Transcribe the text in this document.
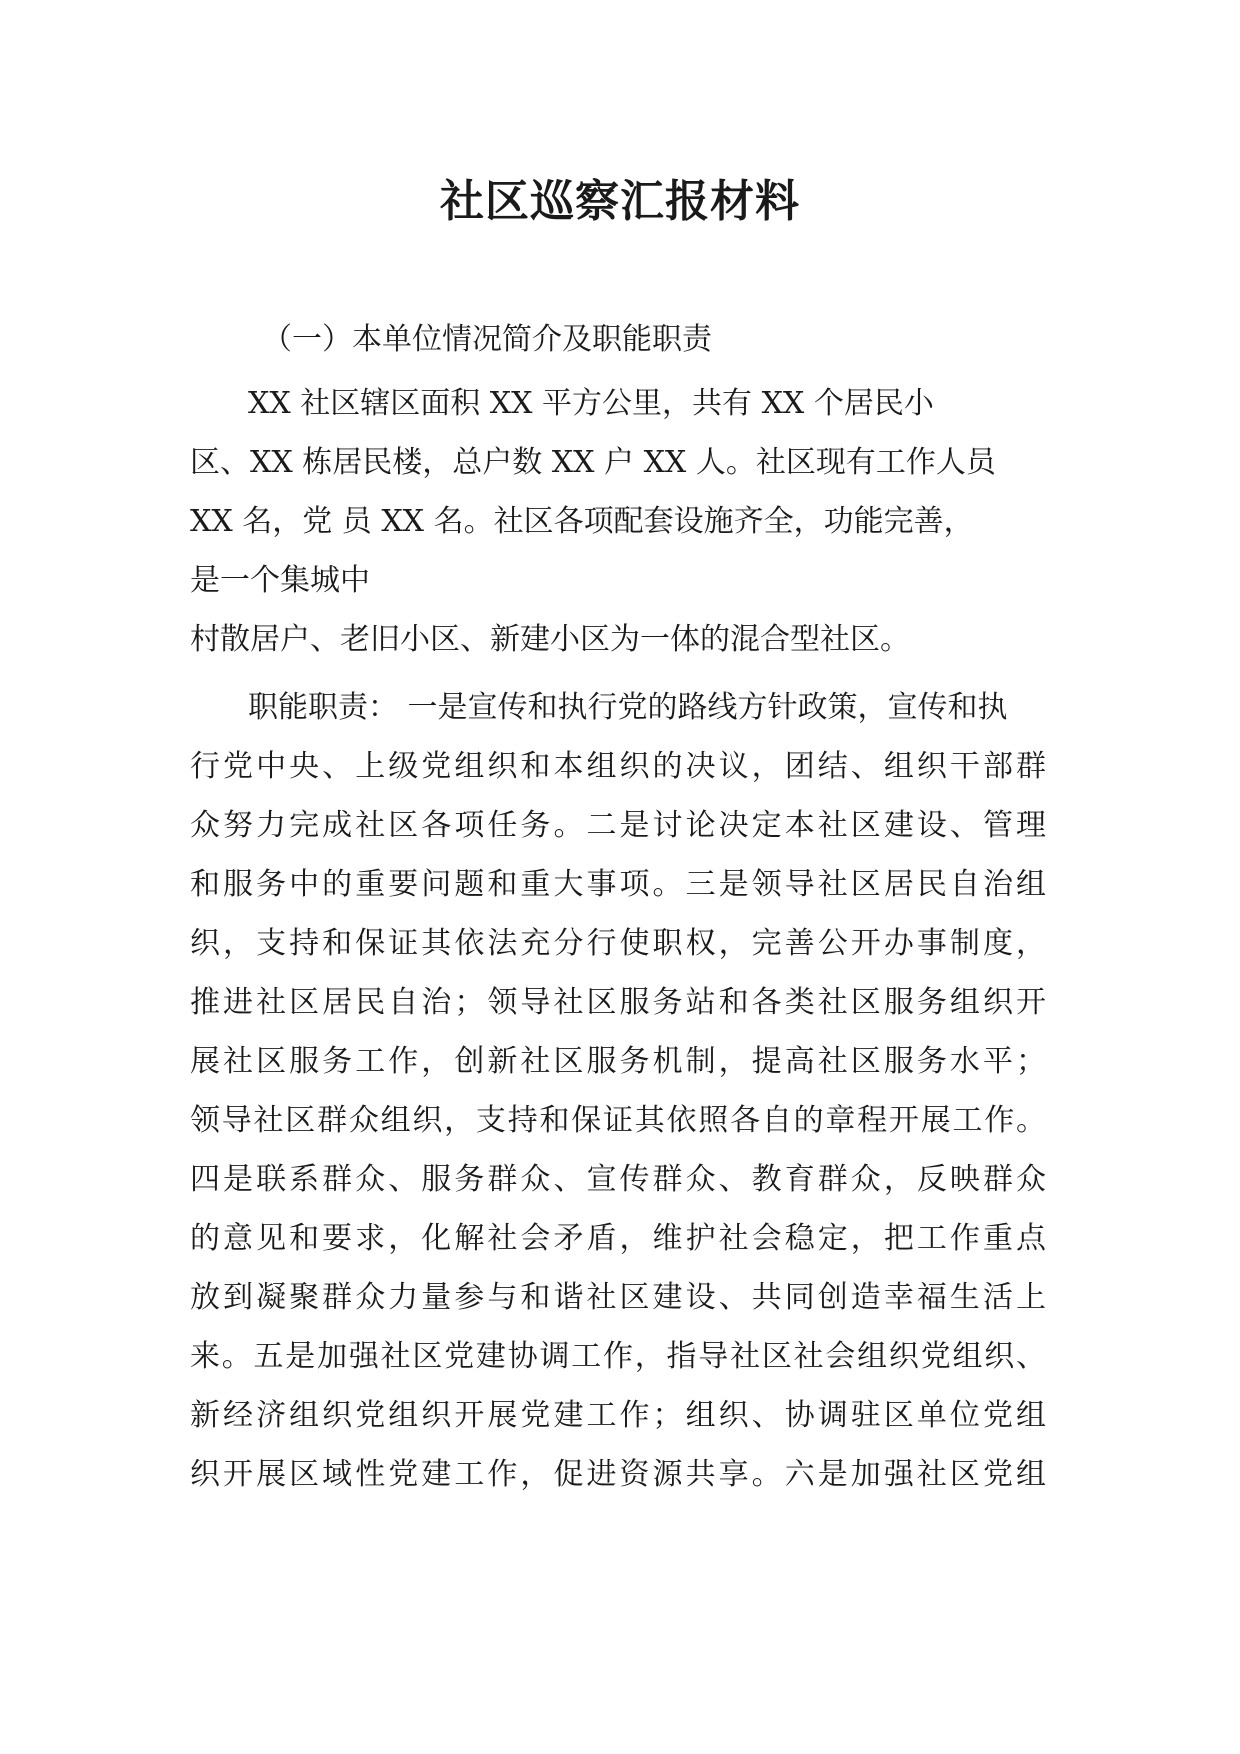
社区巡察汇报材料
（一）本单位情况简介及职能职责
XX 社区辖区面积 XX 平方公里，共有 XX 个居民小
区、XX 栋居民楼，总户数 XX 户 XX 人。社区现有工作人员
XX 名，党 员 XX 名。社区各项配套设施齐全，功能完善，
是一个集城中
村散居户、老旧小区、新建小区为一体的混合型社区。
职能职责： 一是宣传和执行党的路线方针政策，宣传和执
行党中央、上级党组织和本组织的决议，团结、组织干部群
众努力完成社区各项任务。二是讨论决定本社区建设、管理
和服务中的重要问题和重大事项。三是领导社区居民自治组
织，支持和保证其依法充分行使职权，完善公开办事制度，
推进社区居民自治；领导社区服务站和各类社区服务组织开
展社区服务工作，创新社区服务机制，提高社区服务水平；
领导社区群众组织，支持和保证其依照各自的章程开展工作。
四是联系群众、服务群众、宣传群众、教育群众，反映群众
的意见和要求，化解社会矛盾，维护社会稳定，把工作重点
放到凝聚群众力量参与和谐社区建设、共同创造幸福生活上
来。五是加强社区党建协调工作，指导社区社会组织党组织、
新经济组织党组织开展党建工作；组织、协调驻区单位党组
织开展区域性党建工作，促进资源共享。六是加强社区党组
